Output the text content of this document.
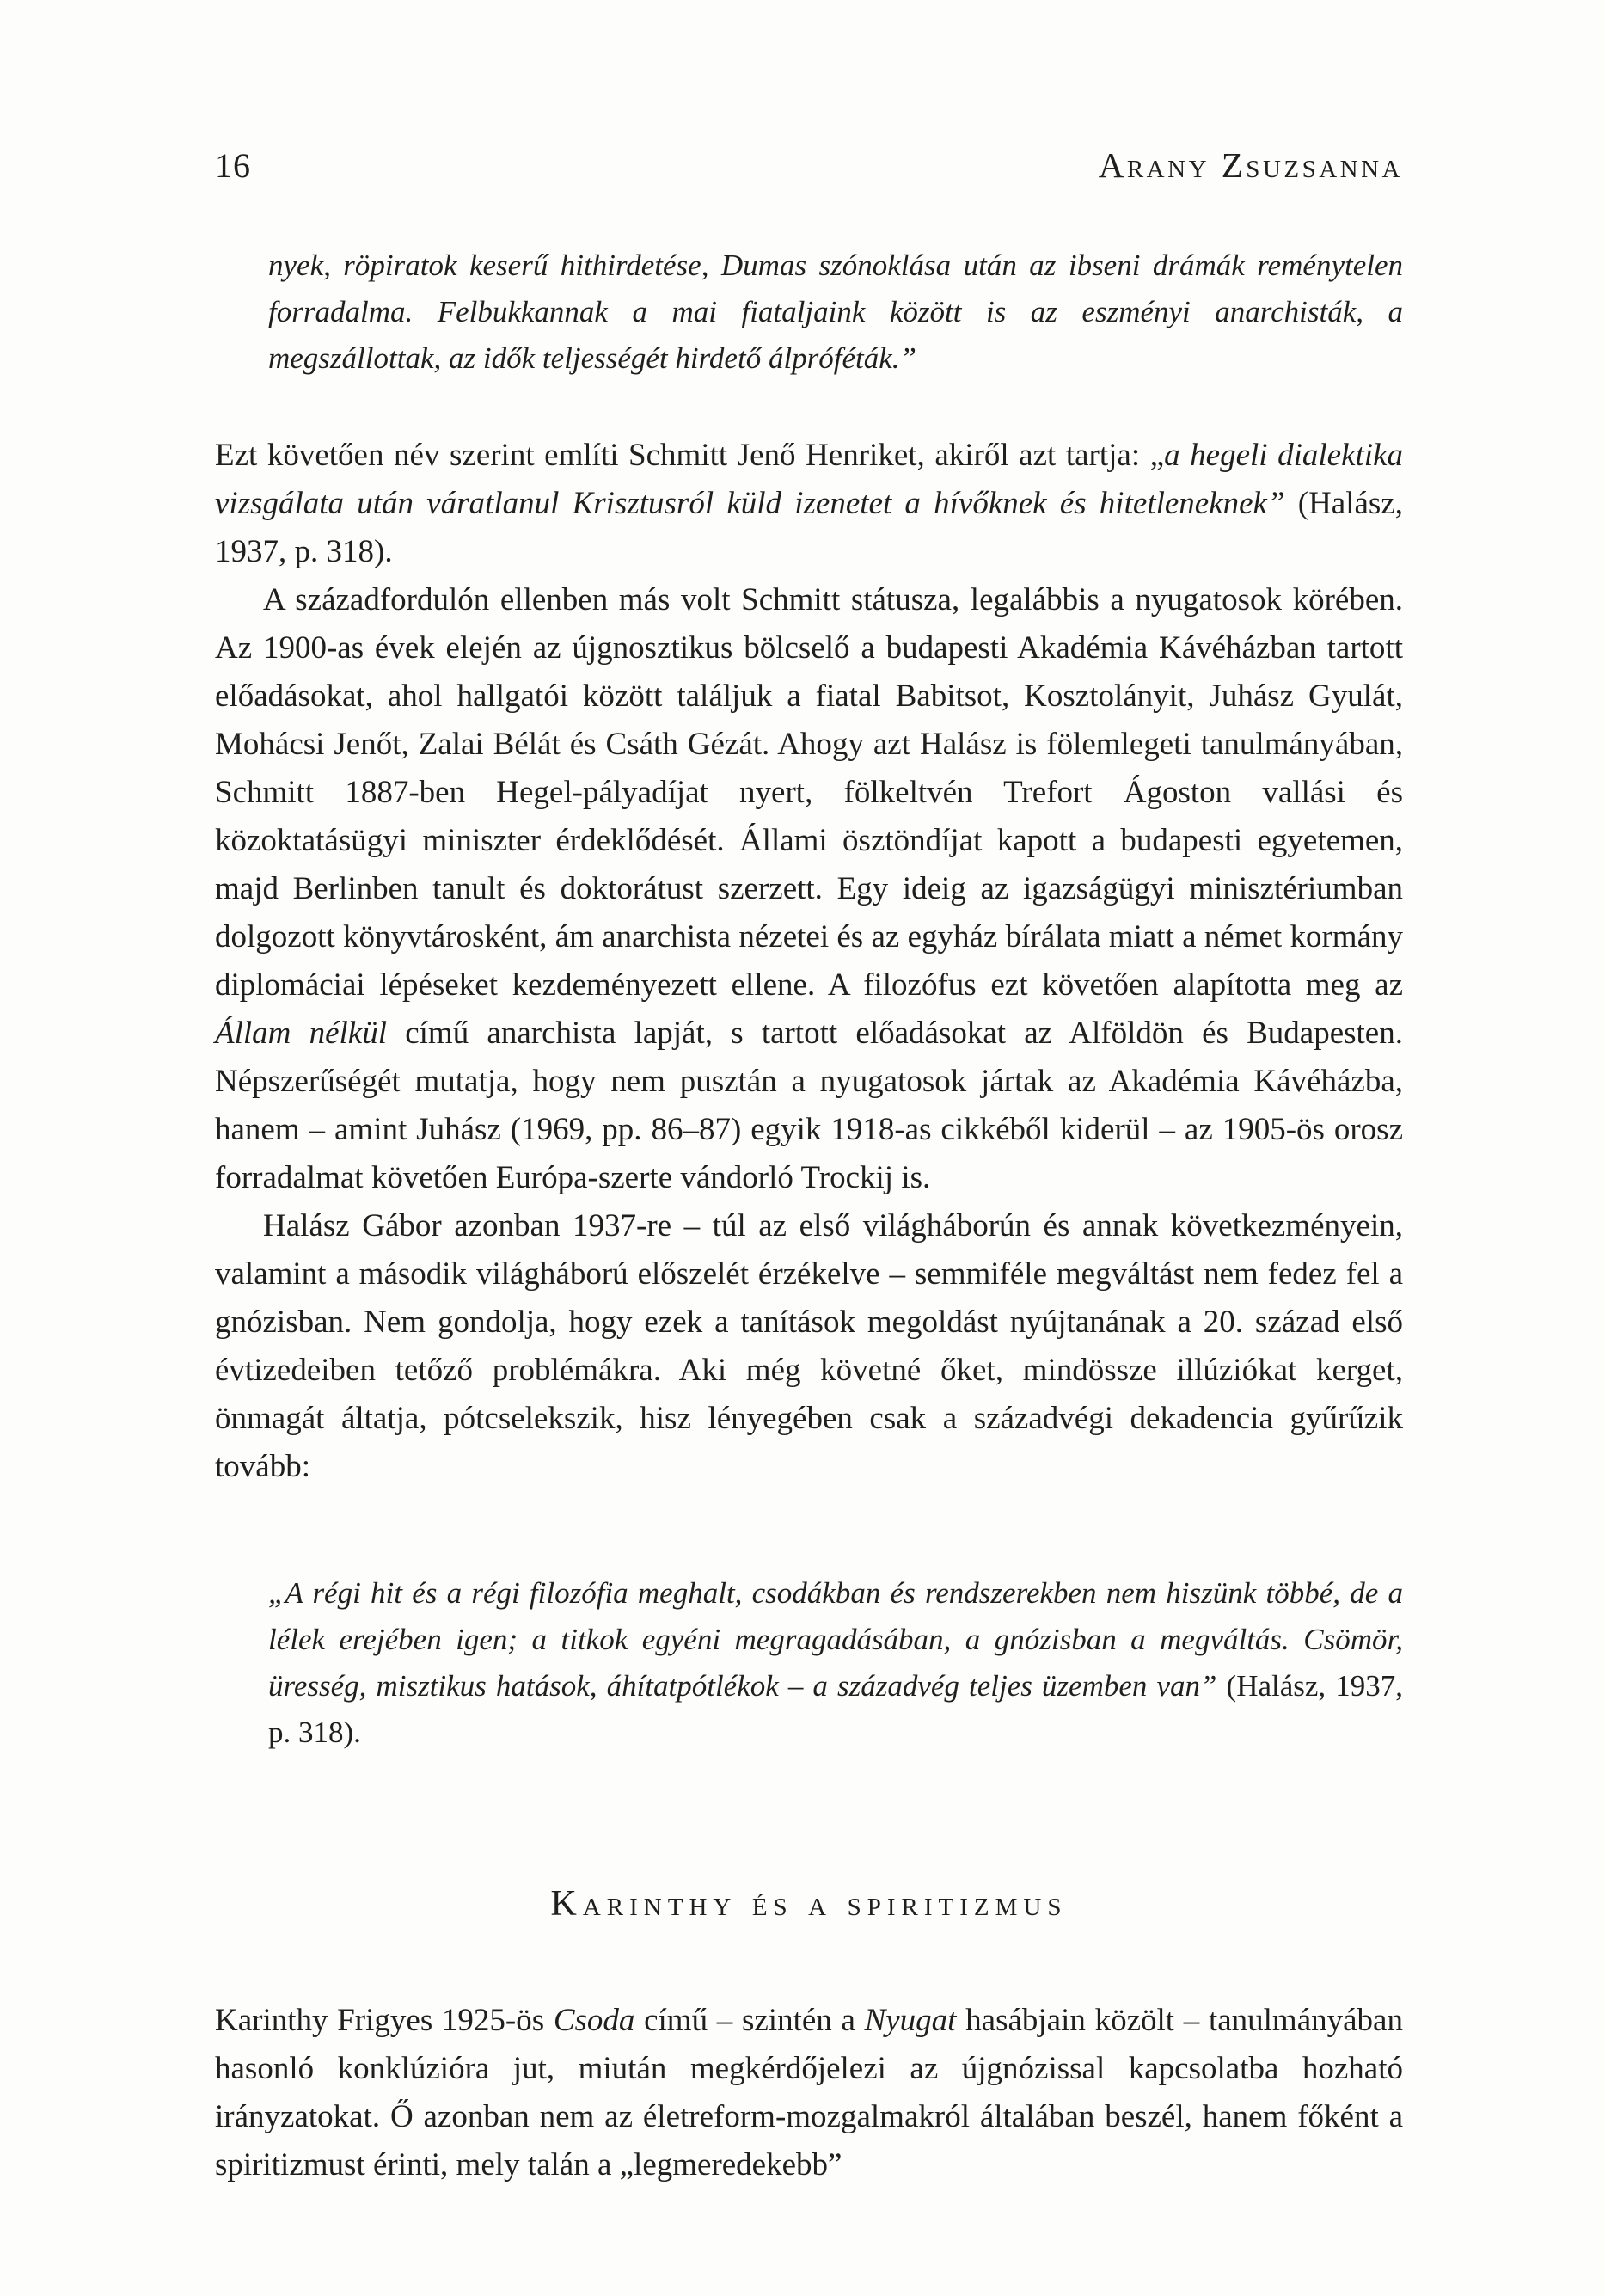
16	Arany Zsuzsanna
nyek, röpiratok keserű hithirdetése, Dumas szónoklása után az ibseni drámák reménytelen forradalma. Felbukkannak a mai fiataljaink között is az eszményi anarchisták, a megszállottak, az idők teljességét hirdető álpróféták.”

Ezt követően név szerint említi Schmitt Jenő Henriket, akiről azt tartja: „a hegeli dialektika vizsgálata után váratlanul Krisztusról küld izenetet a hívőknek és hitetleneknek” (Halász, 1937, p. 318).

A századfordulón ellenben más volt Schmitt státusza, legalábbis a nyugatosok körében. Az 1900-as évek elején az újgnosztikus bölcselő a budapesti Akadémia Kávéházban tartott előadásokat, ahol hallgatói között találjuk a fiatal Babitsot, Kosztolányit, Juhász Gyulát, Mohácsi Jenőt, Zalai Bélát és Csáth Gézát. Ahogy azt Halász is fölemlegeti tanulmányában, Schmitt 1887-ben Hegel-pályadíjat nyert, fölkeltvén Trefort Ágoston vallási és közoktatásügyi miniszter érdeklődését. Állami ösztöndíjat kapott a budapesti egyetemen, majd Berlinben tanult és doktorátust szerzett. Egy ideig az igazságügyi minisztériumban dolgozott könyvtárosként, ám anarchista nézetei és az egyház bírálata miatt a német kormány diplomáciai lépéseket kezdeményezett ellene. A filozófus ezt követően alapította meg az Állam nélkül című anarchista lapját, s tartott előadásokat az Alföldön és Budapesten. Népszerűségét mutatja, hogy nem pusztán a nyugatosok jártak az Akadémia Kávéházba, hanem – amint Juhász (1969, pp. 86–87) egyik 1918-as cikkéből kiderül – az 1905-ös orosz forradalmat követően Európa-szerte vándorló Trockij is.

Halász Gábor azonban 1937-re – túl az első világháborún és annak következményein, valamint a második világháború előszelét érzékelve – semmiféle megváltást nem fedez fel a gnózisban. Nem gondolja, hogy ezek a tanítások megoldást nyújtanának a 20. század első évtizedeiben tetőző problémákra. Aki még követné őket, mindössze illúziókat kerget, önmagát áltatja, pótcselekszik, hisz lényegében csak a századvégi dekadencia gyűrűzik tovább:

„A régi hit és a régi filozófia meghalt, csodákban és rendszerekben nem hiszünk többé, de a lélek erejében igen; a titkok egyéni megragadásában, a gnózisban a megváltás. Csömör, üresség, misztikus hatások, áhítatpótlékok – a századvég teljes üzemben van” (Halász, 1937, p. 318).
Karinthy és a spiritizmus

Karinthy Frigyes 1925-ös Csoda című – szintén a Nyugat hasábjain közölt – tanulmányában hasonló konklúzióra jut, miután megkérdőjelezi az újgnózissal kapcsolatba hozható irányzatokat. Ő azonban nem az életreform-mozgalmakról általában beszél, hanem főként a spiritizmust érinti, mely talán a „legmeredekebb”
